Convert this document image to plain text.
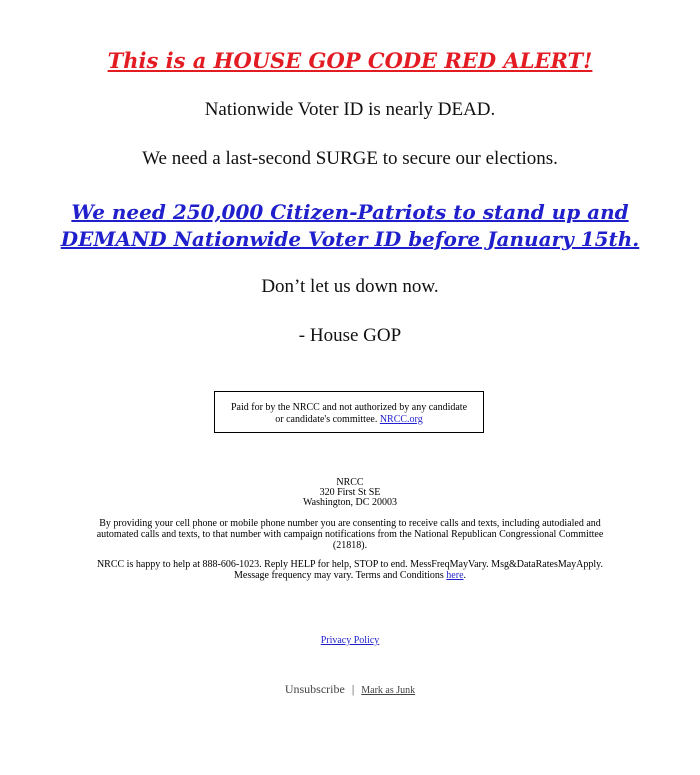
This is a HOUSE GOP CODE RED ALERT!
Nationwide Voter ID is nearly DEAD.
We need a last-second SURGE to secure our elections.
We need 250,000 Citizen-Patriots to stand up and
DEMAND Nationwide Voter ID before January 15th.
Don’t let us down now.
- House GOP
Paid for by the NRCC and not authorized by any candidate or candidate's committee. NRCC.org
NRCC
320 First St SE
Washington, DC 20003
By providing your cell phone or mobile phone number you are consenting to receive calls and texts, including autodialed and automated calls and texts, to that number with campaign notifications from the National Republican Congressional Committee (21818).
NRCC is happy to help at 888-606-1023. Reply HELP for help, STOP to end. MessFreqMayVary. Msg&DataRatesMayApply. Message frequency may vary. Terms and Conditions here.
Privacy Policy
Unsubscribe | Mark as Junk
